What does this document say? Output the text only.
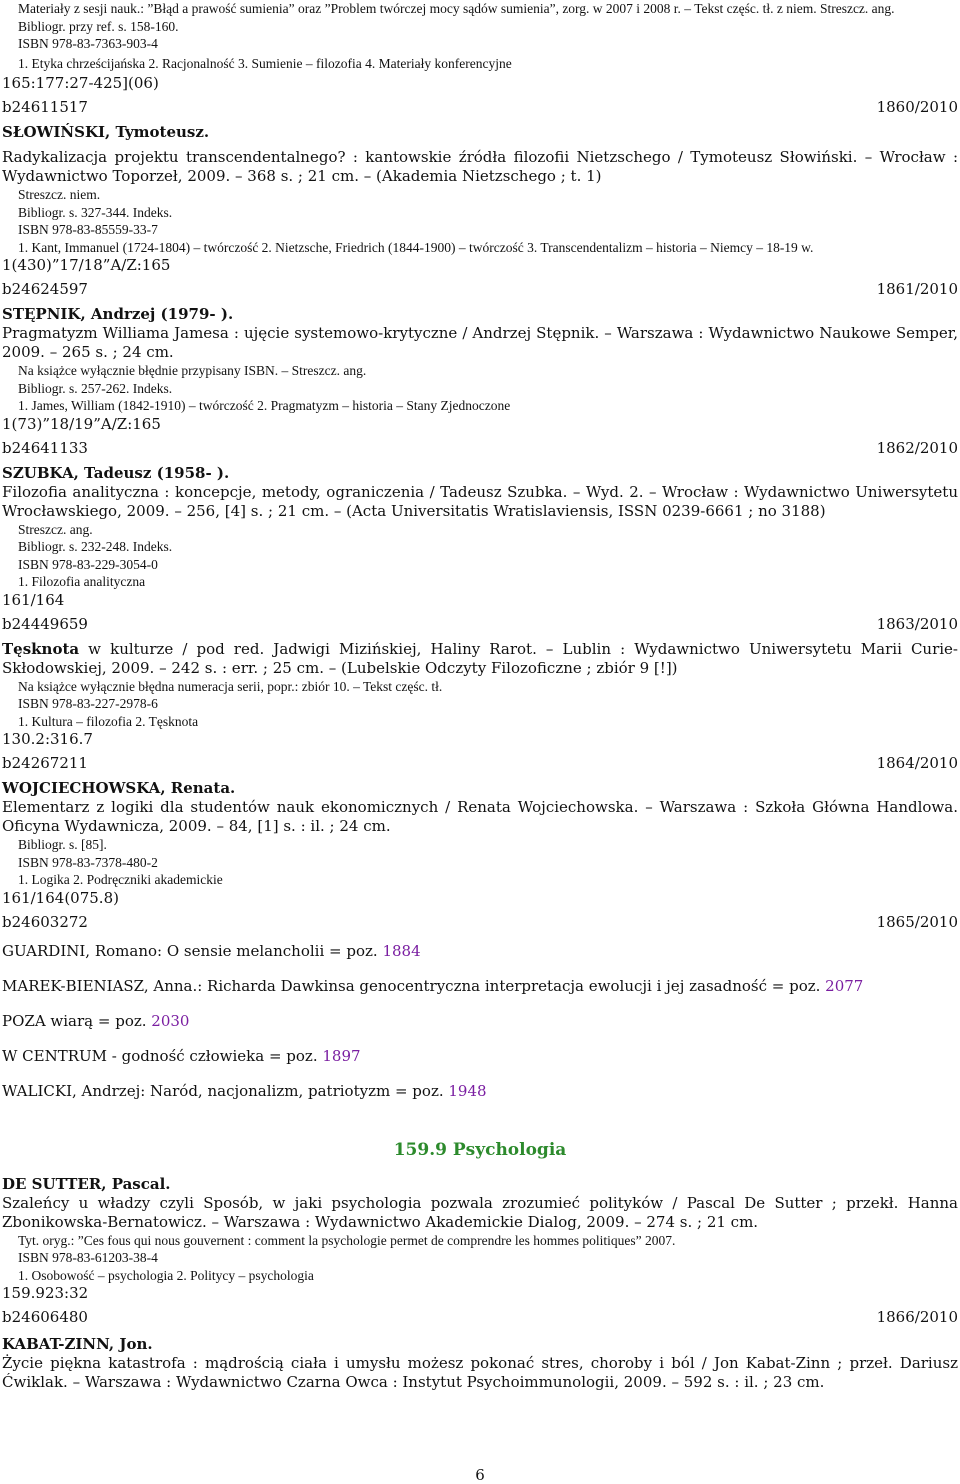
Materiały z sesji nauk.: ”Błąd a prawość sumienia” oraz ”Problem twórczej mocy sądów sumienia”, zorg. w 2007 i 2008 r. – Tekst częśc. tł. z niem. Streszcz. ang.

Bibliogr. przy ref. s. 158-160.

ISBN 978-83-7363-903-4

1. Etyka chrześcijańska 2. Racjonalność 3. Sumienie – filozofia 4. Materiały konferencyjne

165:177:27-425](06)

b24611517	1860/2010

SŁOWIŃSKI, Tymoteusz.

Radykalizacja projektu transcendentalnego? : kantowskie źródła filozofii Nietzschego / Tymoteusz Słowiński. – Wrocław : Wydawnictwo Toporzeł, 2009. – 368 s. ; 21 cm. – (Akademia Nietzschego ; t. 1)

Streszcz. niem.

Bibliogr. s. 327-344. Indeks.

ISBN 978-83-85559-33-7

1. Kant, Immanuel (1724-1804) – twórczość 2. Nietzsche, Friedrich (1844-1900) – twórczość 3. Transcendentalizm – historia – Niemcy – 18-19 w.

1(430)”17/18”A/Z:165

b24624597	1861/2010

STĘPNIK, Andrzej (1979- ).

Pragmatyzm Williama Jamesa : ujęcie systemowo-krytyczne / Andrzej Stępnik. – Warszawa : Wydawnictwo Naukowe Semper, 2009. – 265 s. ; 24 cm.

Na książce wyłącznie błędnie przypisany ISBN. – Streszcz. ang.

Bibliogr. s. 257-262. Indeks.

1. James, William (1842-1910) – twórczość 2. Pragmatyzm – historia – Stany Zjednoczone

1(73)”18/19”A/Z:165

b24641133	1862/2010

SZUBKA, Tadeusz (1958- ).

Filozofia analityczna : koncepcje, metody, ograniczenia / Tadeusz Szubka. – Wyd. 2. – Wrocław : Wydawnictwo Uniwersytetu Wrocławskiego, 2009. – 256, [4] s. ; 21 cm. – (Acta Universitatis Wratislaviensis, ISSN 0239-6661 ; no 3188)

Streszcz. ang.

Bibliogr. s. 232-248. Indeks.

ISBN 978-83-229-3054-0

1. Filozofia analityczna

161/164

b24449659	1863/2010

Tęsknota w kulturze / pod red. Jadwigi Mizińskiej, Haliny Rarot. – Lublin : Wydawnictwo Uniwersytetu Marii Curie-Skłodowskiej, 2009. – 242 s. : err. ; 25 cm. – (Lubelskie Odczyty Filozoficzne ; zbiór 9 [!])

Na książce wyłącznie błędna numeracja serii, popr.: zbiór 10. – Tekst częśc. tł.

ISBN 978-83-227-2978-6

1. Kultura – filozofia 2. Tęsknota

130.2:316.7

b24267211	1864/2010

WOJCIECHOWSKA, Renata.

Elementarz z logiki dla studentów nauk ekonomicznych / Renata Wojciechowska. – Warszawa : Szkoła Główna Handlowa. Oficyna Wydawnicza, 2009. – 84, [1] s. : il. ; 24 cm.

Bibliogr. s. [85].

ISBN 978-83-7378-480-2

1. Logika 2. Podręczniki akademickie

161/164(075.8)

b24603272	1865/2010

GUARDINI, Romano: O sensie melancholii = poz. 1884

MAREK-BIENIASZ, Anna.: Richarda Dawkinsa genocentryczna interpretacja ewolucji i jej zasadność = poz. 2077

POZA wiarą = poz. 2030

W CENTRUM - godność człowieka = poz. 1897

WALICKI, Andrzej: Naród, nacjonalizm, patriotyzm = poz. 1948

159.9 Psychologia

DE SUTTER, Pascal.

Szaleńcy u władzy czyli Sposób, w jaki psychologia pozwala zrozumieć polityków / Pascal De Sutter ; przekł. Hanna Zbonikowska-Bernatowicz. – Warszawa : Wydawnictwo Akademickie Dialog, 2009. – 274 s. ; 21 cm.

Tyt. oryg.: ”Ces fous qui nous gouvernent : comment la psychologie permet de comprendre les hommes politiques” 2007.

ISBN 978-83-61203-38-4

1. Osobowość – psychologia 2. Politycy – psychologia

159.923:32

b24606480	1866/2010

KABAT-ZINN, Jon.

Życie piękna katastrofa : mądrością ciała i umysłu możesz pokonać stres, choroby i ból / Jon Kabat-Zinn ; przeł. Dariusz Ćwiklak. – Warszawa : Wydawnictwo Czarna Owca : Instytut Psychoimmunologii, 2009. – 592 s. : il. ; 23 cm.

6
